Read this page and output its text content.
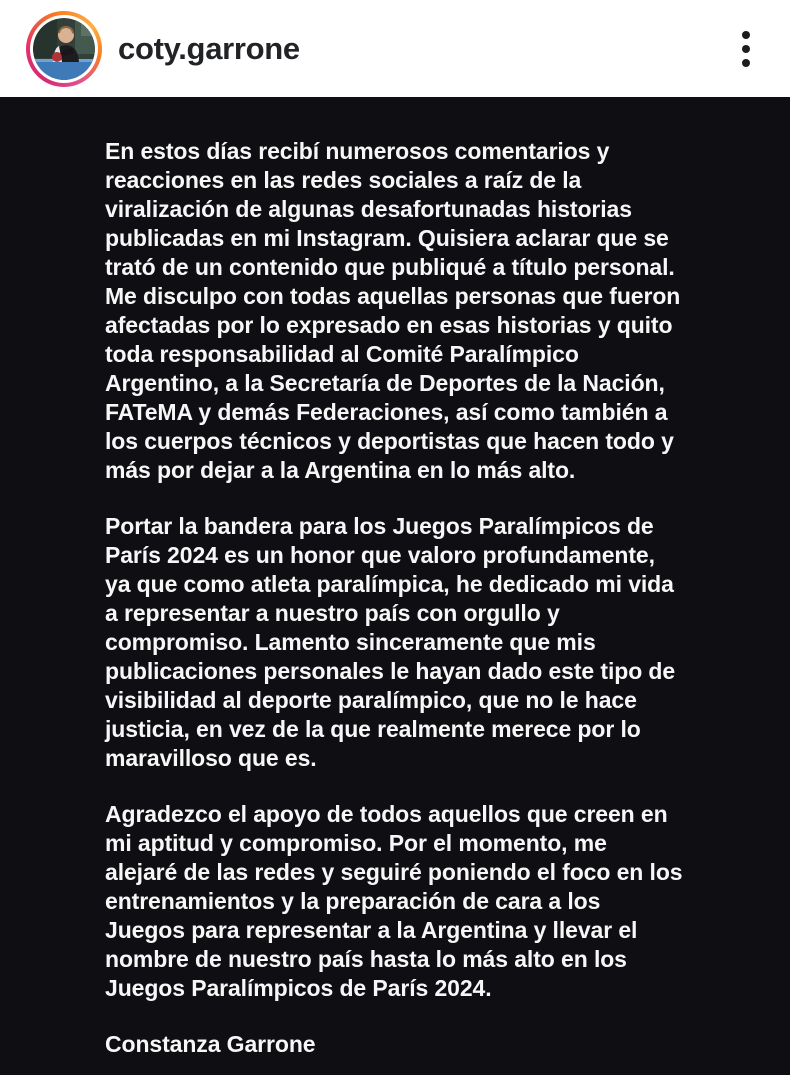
coty.garrone
En estos días recibí numerosos comentarios y
reacciones en las redes sociales a raíz de la
viralización de algunas desafortunadas historias
publicadas en mi Instagram. Quisiera aclarar que se
trató de un contenido que publiqué a título personal.
Me disculpo con todas aquellas personas que fueron
afectadas por lo expresado en esas historias y quito
toda responsabilidad al Comité Paralímpico
Argentino, a la Secretaría de Deportes de la Nación,
FATeMA y demás Federaciones, así como también a
los cuerpos técnicos y deportistas que hacen todo y
más por dejar a la Argentina en lo más alto.
Portar la bandera para los Juegos Paralímpicos de
París 2024 es un honor que valoro profundamente,
ya que como atleta paralímpica, he dedicado mi vida
a representar a nuestro país con orgullo y
compromiso. Lamento sinceramente que mis
publicaciones personales le hayan dado este tipo de
visibilidad al deporte paralímpico, que no le hace
justicia, en vez de la que realmente merece por lo
maravilloso que es.
Agradezco el apoyo de todos aquellos que creen en
mi aptitud y compromiso. Por el momento, me
alejaré de las redes y seguiré poniendo el foco en los
entrenamientos y la preparación de cara a los
Juegos para representar a la Argentina y llevar el
nombre de nuestro país hasta lo más alto en los
Juegos Paralímpicos de París 2024.
Constanza Garrone
